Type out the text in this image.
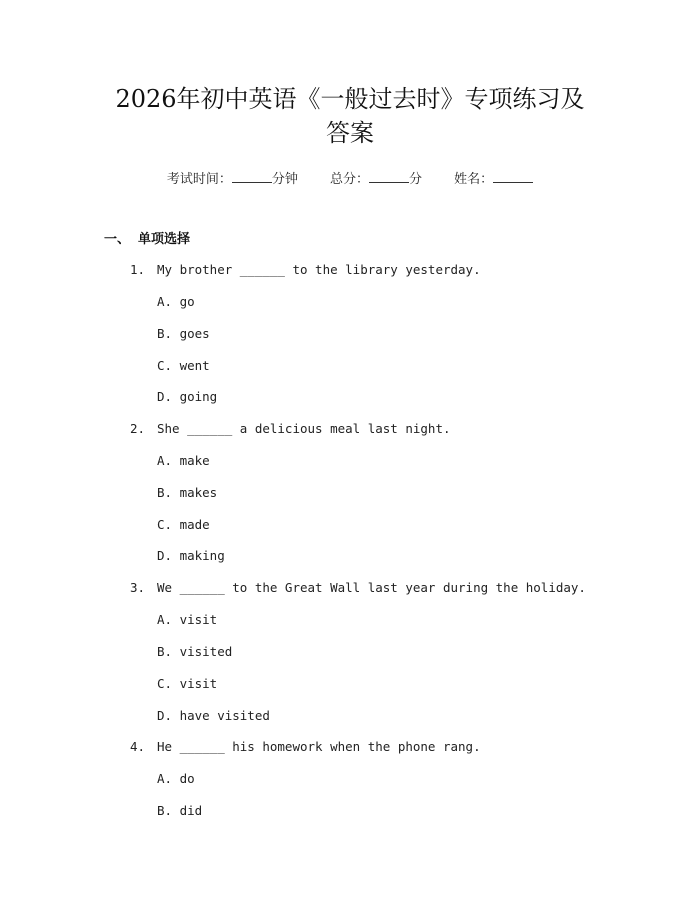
2026年初中英语《一般过去时》专项练习及
答案
考试时间：	分钟 总分：	分 姓名：
一、 单项选择
1. My brother ______ to the library yesterday.
A. go
B. goes
C. went
D. going
2. She ______ a delicious meal last night.
A. make
B. makes
C. made
D. making
3. We ______ to the Great Wall last year during the holiday.
A. visit
B. visited
C. visit
D. have visited
4. He ______ his homework when the phone rang.
A. do
B. did
